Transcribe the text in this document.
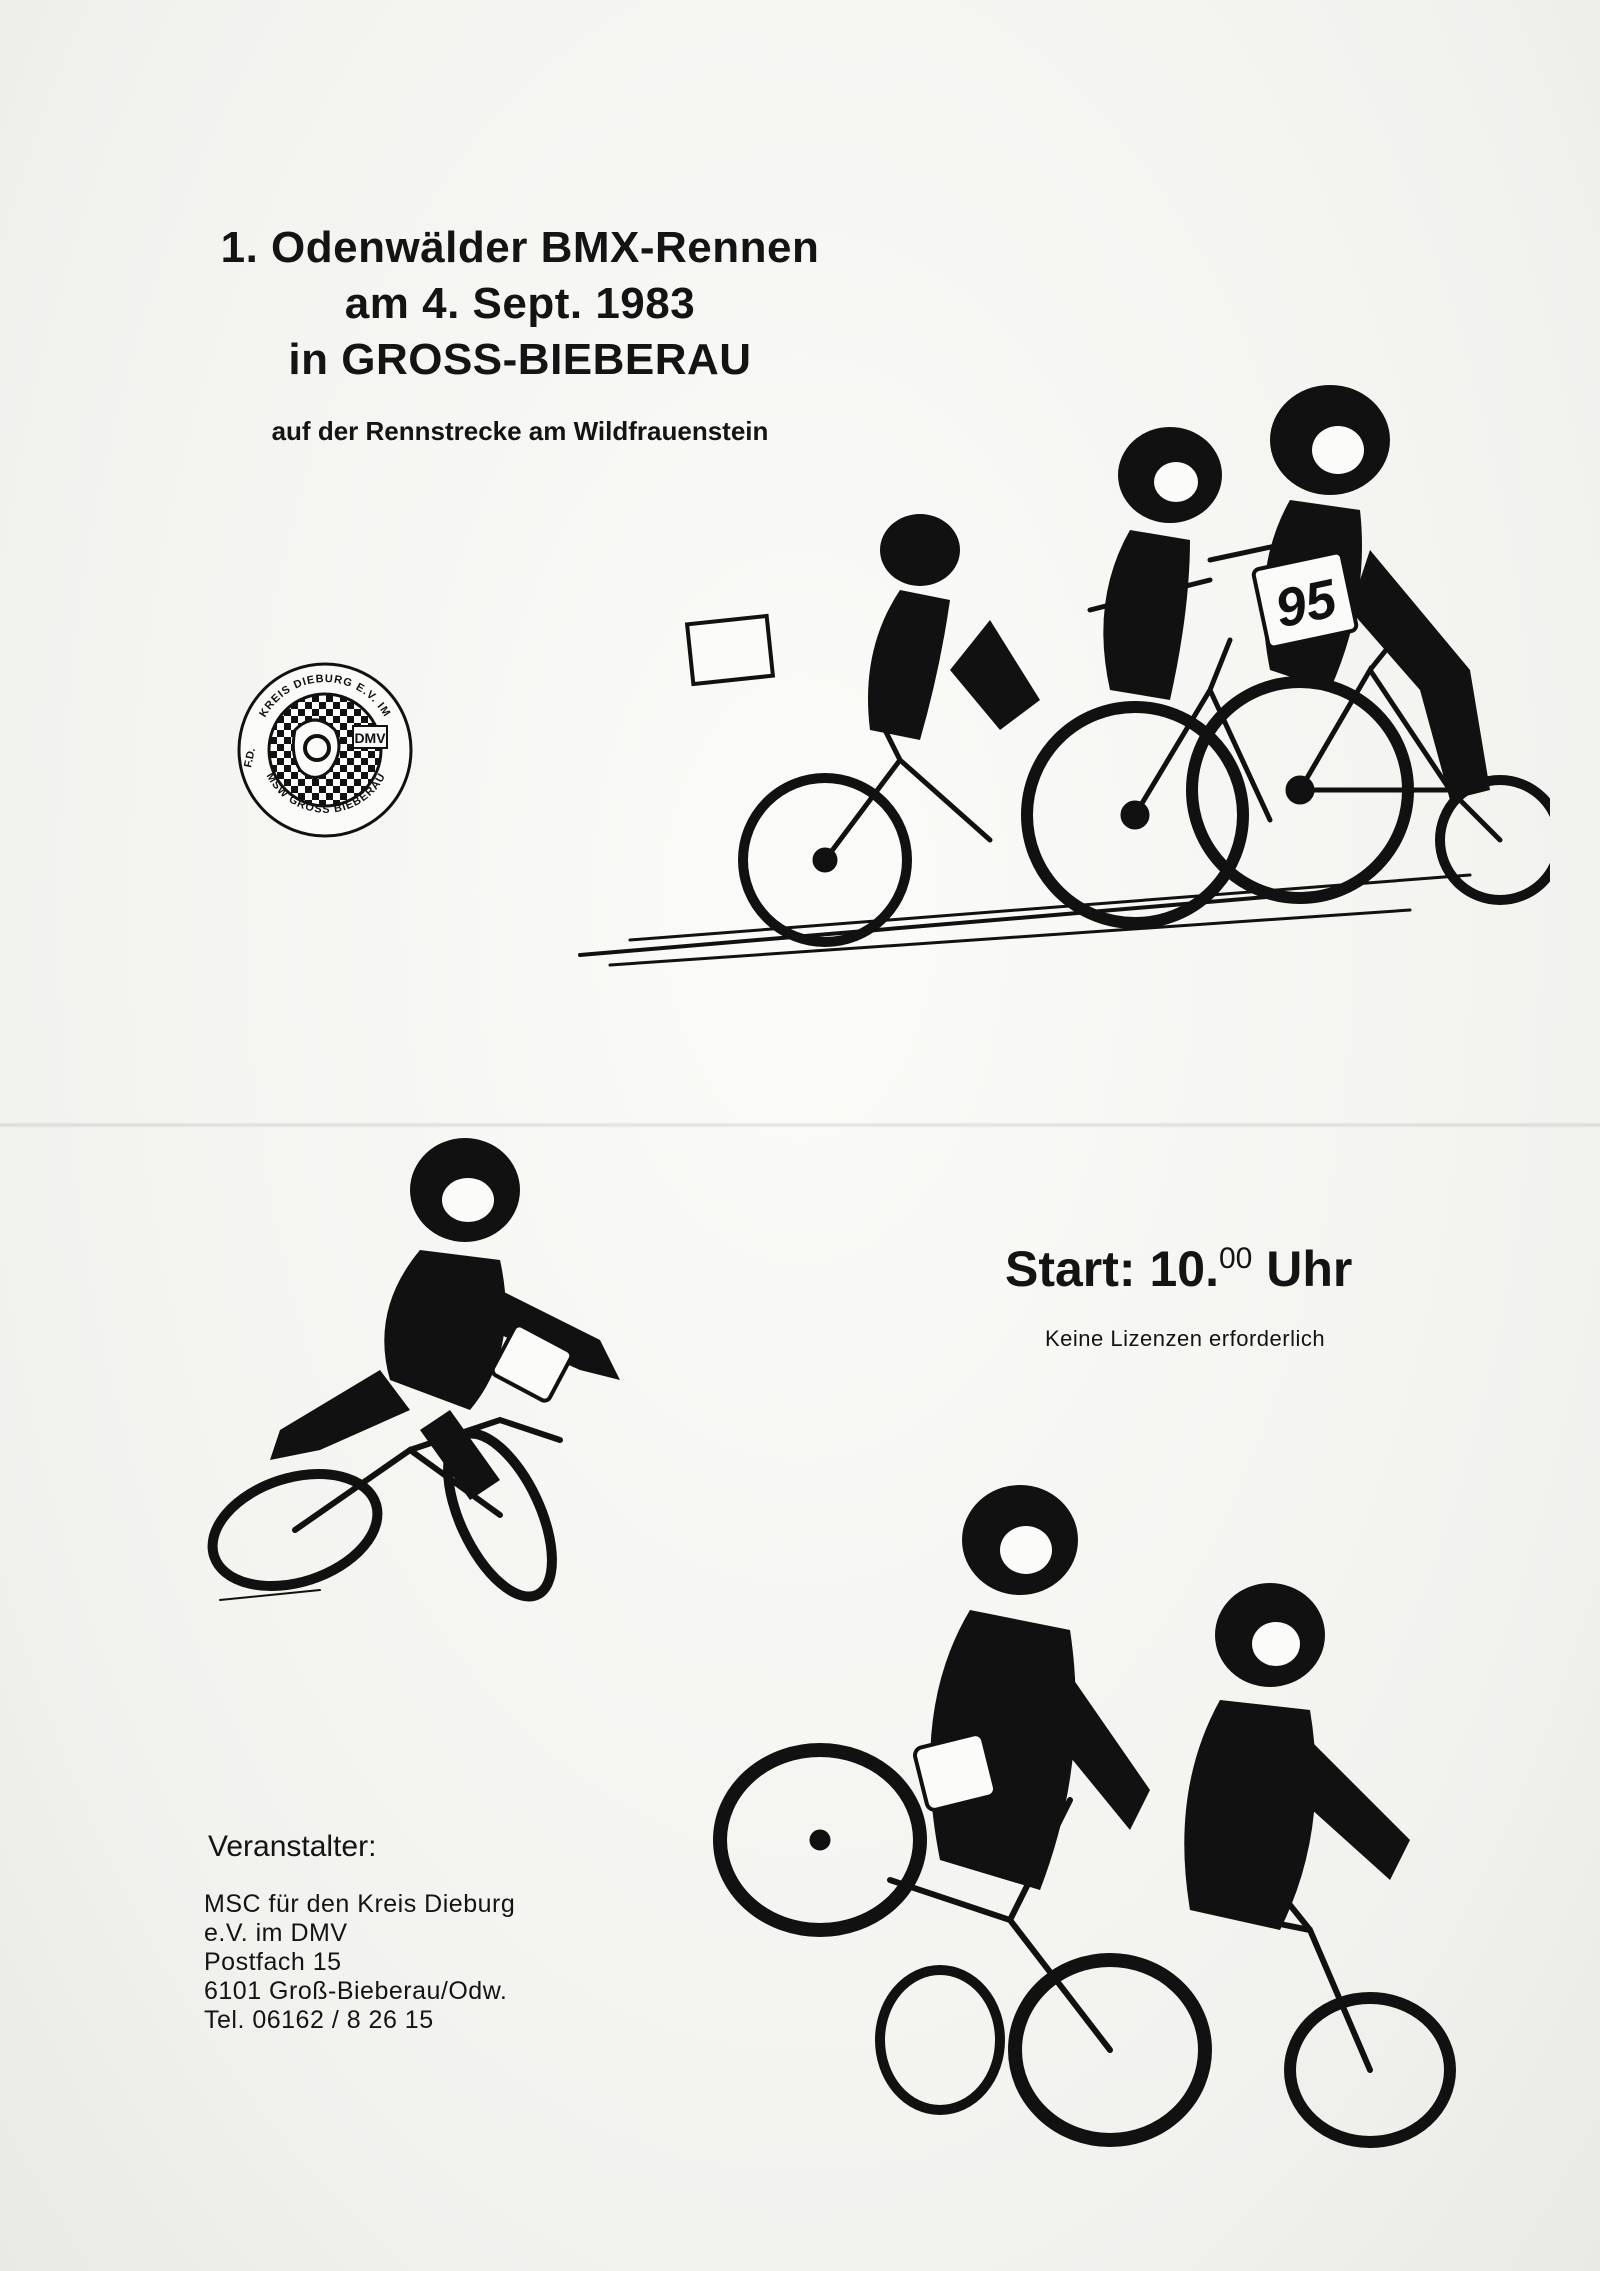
1. Odenwälder BMX-Rennen
am 4. Sept. 1983
in GROSS-BIEBERAU
auf der Rennstrecke am Wildfrauenstein
DMV
KREIS DIEBURG E.V. IM
MSW GROSS BIEBERAU
F.D.
95
Start: 10.00 Uhr
Keine Lizenzen erforderlich
Veranstalter:
MSC für den Kreis Dieburg
e.V. im DMV
Postfach 15
6101 Groß-Bieberau/Odw.
Tel. 06162 / 8 26 15
